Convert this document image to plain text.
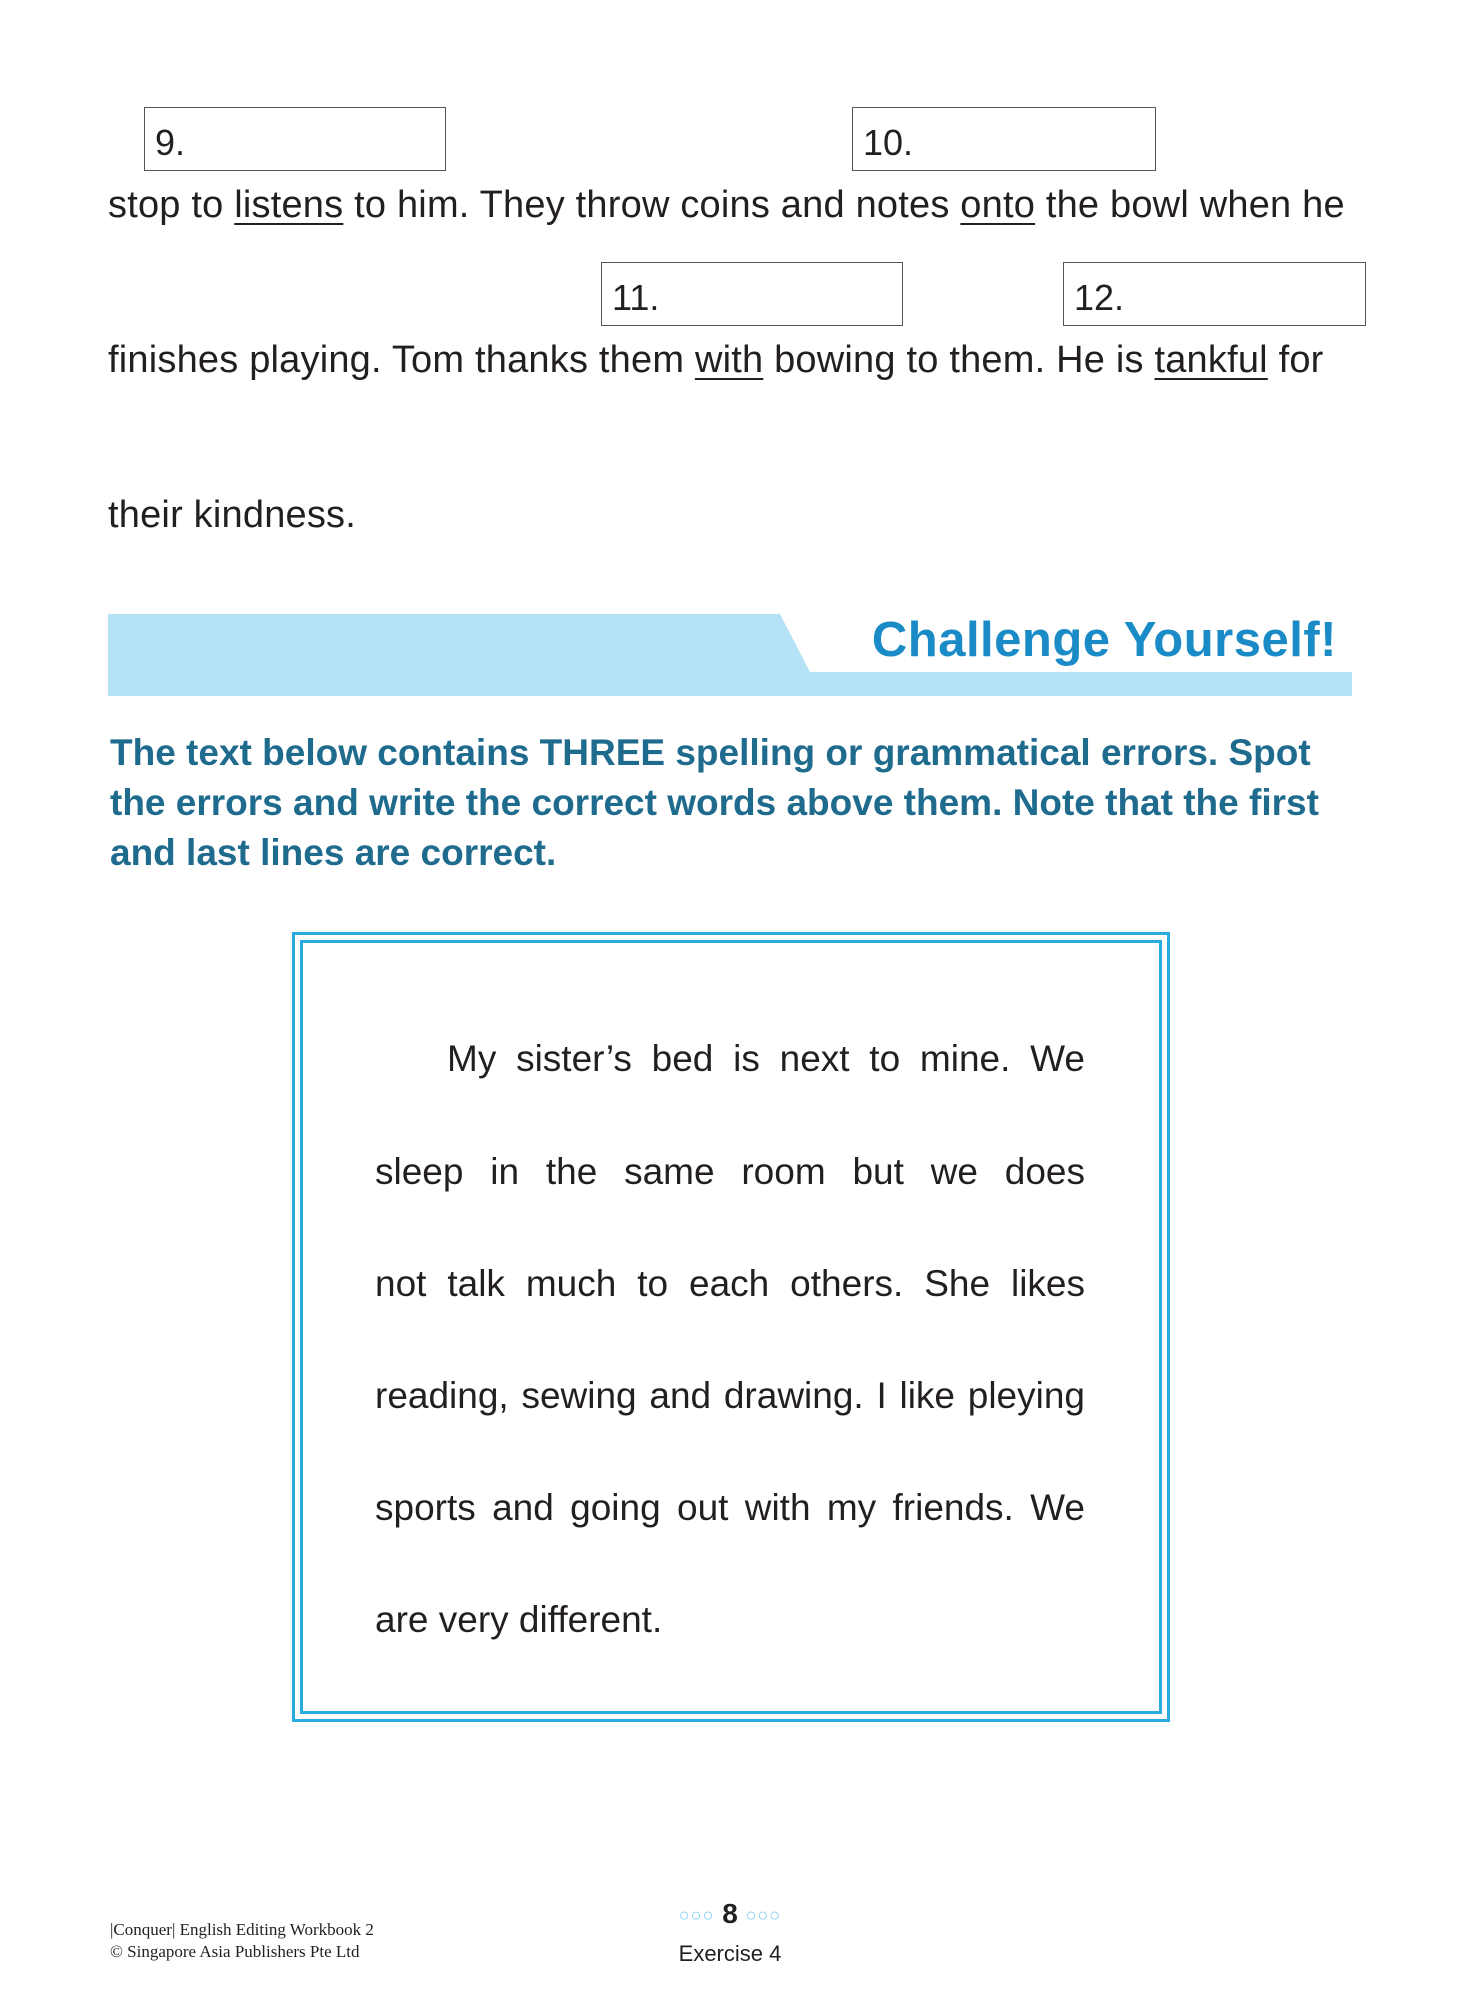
9.	10.
11.	12.
stop to listens to him. They throw coins and notes onto the bowl when he
finishes playing. Tom thanks them with bowing to them. He is tankful for
their kindness.
Challenge Yourself!
The text below contains THREE spelling or grammatical errors. Spot the errors and write the correct words above them. Note that the first and last lines are correct.
My sister’s bed is next to mine. We
sleep in the same room but we does
not talk much to each others. She likes
reading, sewing and drawing. I like pleying
sports and going out with my friends. We
are very different.
|Conquer| English Editing Workbook 2
© Singapore Asia Publishers Pte Ltd
○○○ 8 ○○○
Exercise 4
